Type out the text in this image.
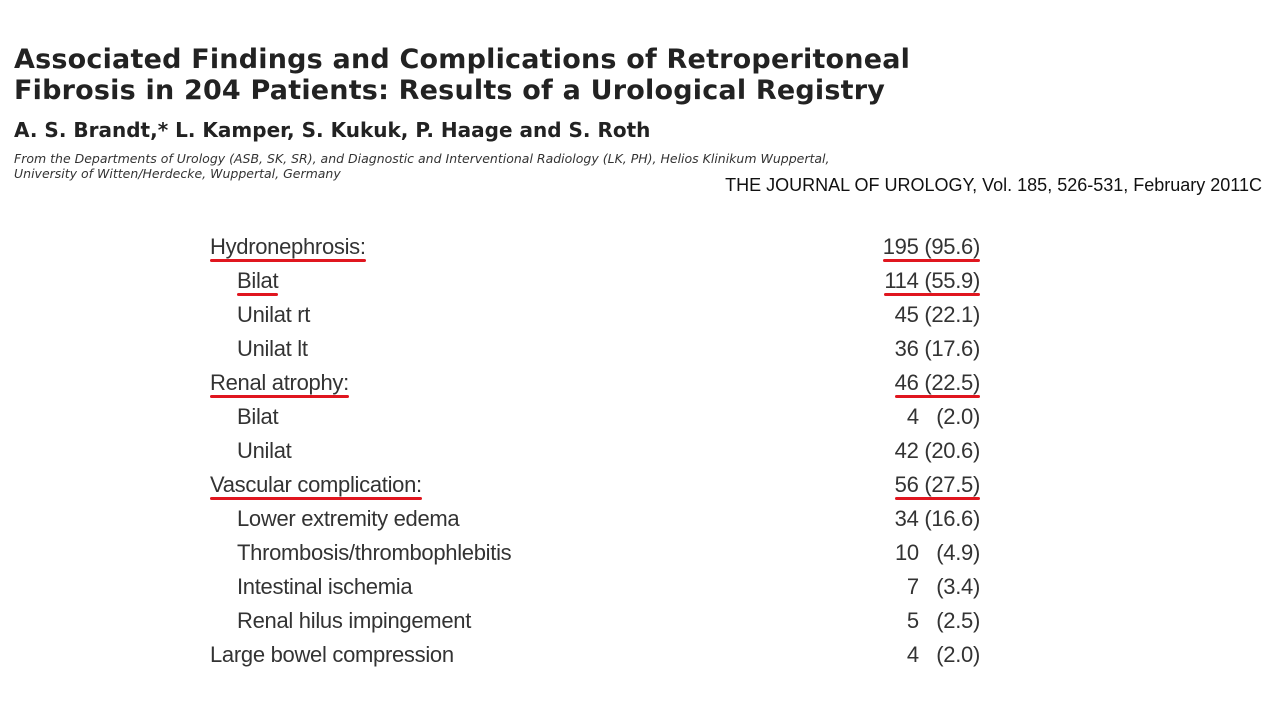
Associated Findings and Complications of Retroperitoneal
Fibrosis in 204 Patients: Results of a Urological Registry
A. S. Brandt,* L. Kamper, S. Kukuk, P. Haage and S. Roth
From the Departments of Urology (ASB, SK, SR), and Diagnostic and Interventional Radiology (LK, PH), Helios Klinikum Wuppertal,
University of Witten/Herdecke, Wuppertal, Germany
THE JOURNAL OF UROLOGY, Vol. 185, 526-531, February 2011C
Hydronephrosis:	195 (95.6)
Bilat	114 (55.9)
Unilat rt	45 (22.1)
Unilat lt	36 (17.6)
Renal atrophy:	46 (22.5)
Bilat	4   (2.0)
Unilat	42 (20.6)
Vascular complication:	56 (27.5)
Lower extremity edema	34 (16.6)
Thrombosis/thrombophlebitis	10   (4.9)
Intestinal ischemia	7   (3.4)
Renal hilus impingement	5   (2.5)
Large bowel compression	4   (2.0)
